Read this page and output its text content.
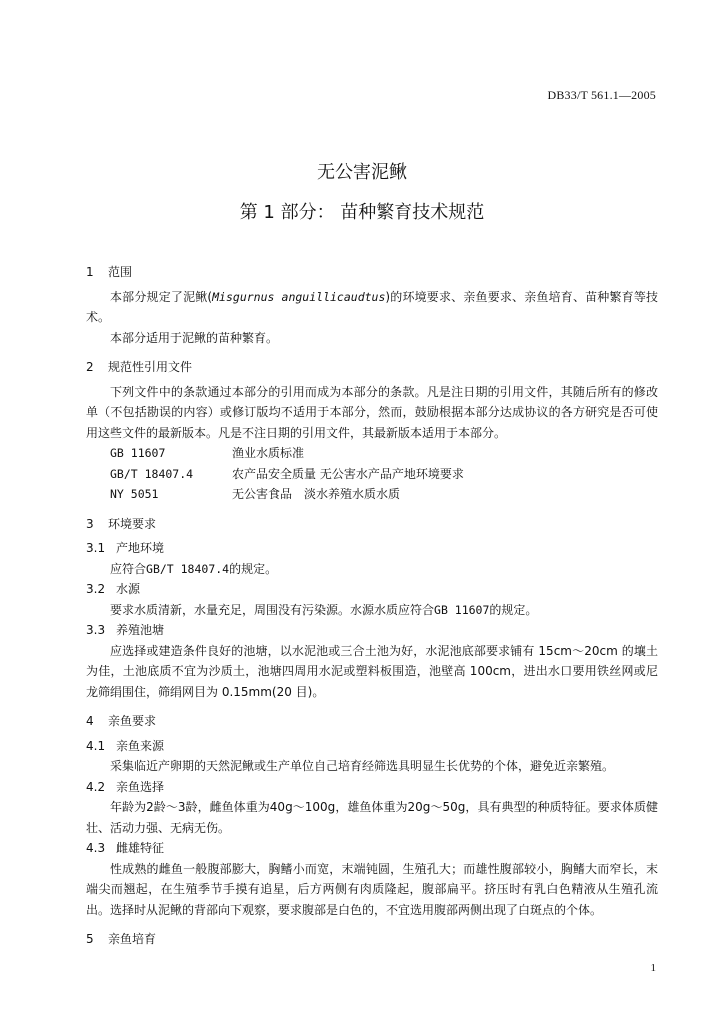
DB33/T 561.1—2005
无公害泥鳅
第 1 部分： 苗种繁育技术规范
1 范围

本部分规定了泥鳅(Misgurnus anguillicaudtus)的环境要求、亲鱼要求、亲鱼培育、苗种繁育等技术。

本部分适用于泥鳅的苗种繁育。

2 规范性引用文件

下列文件中的条款通过本部分的引用而成为本部分的条款。凡是注日期的引用文件，其随后所有的修改单（不包括勘误的内容）或修订版均不适用于本部分，然而，鼓励根据本部分达成协议的各方研究是否可使用这些文件的最新版本。凡是不注日期的引用文件，其最新版本适用于本部分。

GB 11607	渔业水质标准
GB/T 18407.4	农产品安全质量 无公害水产品产地环境要求
NY 5051	无公害食品　淡水养殖水质水质
3 环境要求
3.1 产地环境

应符合GB/T 18407.4的规定。

3.2 水源

要求水质清新，水量充足，周围没有污染源。水源水质应符合GB 11607的规定。

3.3 养殖池塘

应选择或建造条件良好的池塘，以水泥池或三合土池为好，水泥池底部要求铺有 15cm～20cm 的壤土为佳，土池底质不宜为沙质土，池塘四周用水泥或塑料板围造，池壁高 100cm，进出水口要用铁丝网或尼龙筛绢围住，筛绢网目为 0.15mm(20 目)。

4 亲鱼要求
4.1 亲鱼来源

采集临近产卵期的天然泥鳅或生产单位自己培育经筛选具明显生长优势的个体，避免近亲繁殖。

4.2 亲鱼选择

年龄为2龄～3龄，雌鱼体重为40g～100g，雄鱼体重为20g～50g，具有典型的种质特征。要求体质健壮、活动力强、无病无伤。

4.3 雌雄特征

性成熟的雌鱼一般腹部膨大，胸鳍小而宽，末端钝圆，生殖孔大；而雄性腹部较小，胸鳍大而窄长，末端尖而翘起，在生殖季节手摸有追星，后方两侧有肉质隆起，腹部扁平。挤压时有乳白色精液从生殖孔流出。选择时从泥鳅的背部向下观察，要求腹部是白色的，不宜选用腹部两侧出现了白斑点的个体。

5 亲鱼培育
1
